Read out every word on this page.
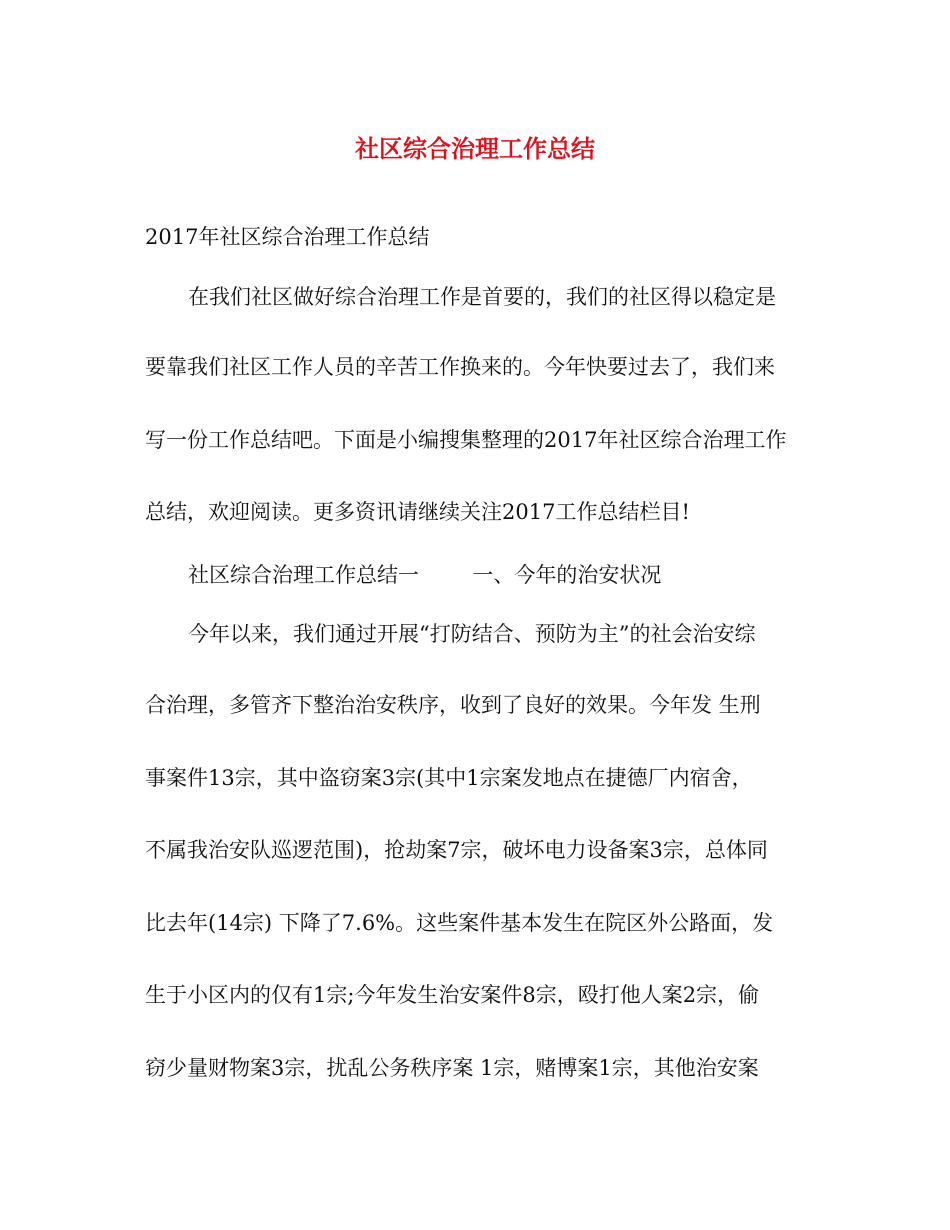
社区综合治理工作总结
2017年社区综合治理工作总结
在我们社区做好综合治理工作是首要的，我们的社区得以稳定是
要靠我们社区工作人员的辛苦工作换来的。今年快要过去了，我们来
写一份工作总结吧。下面是小编搜集整理的2017年社区综合治理工作
总结，欢迎阅读。更多资讯请继续关注2017工作总结栏目!
社区综合治理工作总结一        一、今年的治安状况
今年以来，我们通过开展“打防结合、预防为主”的社会治安综
合治理，多管齐下整治治安秩序，收到了良好的效果。今年发 生刑
事案件13宗，其中盗窃案3宗(其中1宗案发地点在捷德厂内宿舍，
不属我治安队巡逻范围)，抢劫案7宗，破坏电力设备案3宗，总体同
比去年(14宗) 下降了7.6%。这些案件基本发生在院区外公路面，发
生于小区内的仅有1宗;今年发生治安案件8宗，殴打他人案2宗，偷
窃少量财物案3宗，扰乱公务秩序案 1宗，赌博案1宗，其他治安案
